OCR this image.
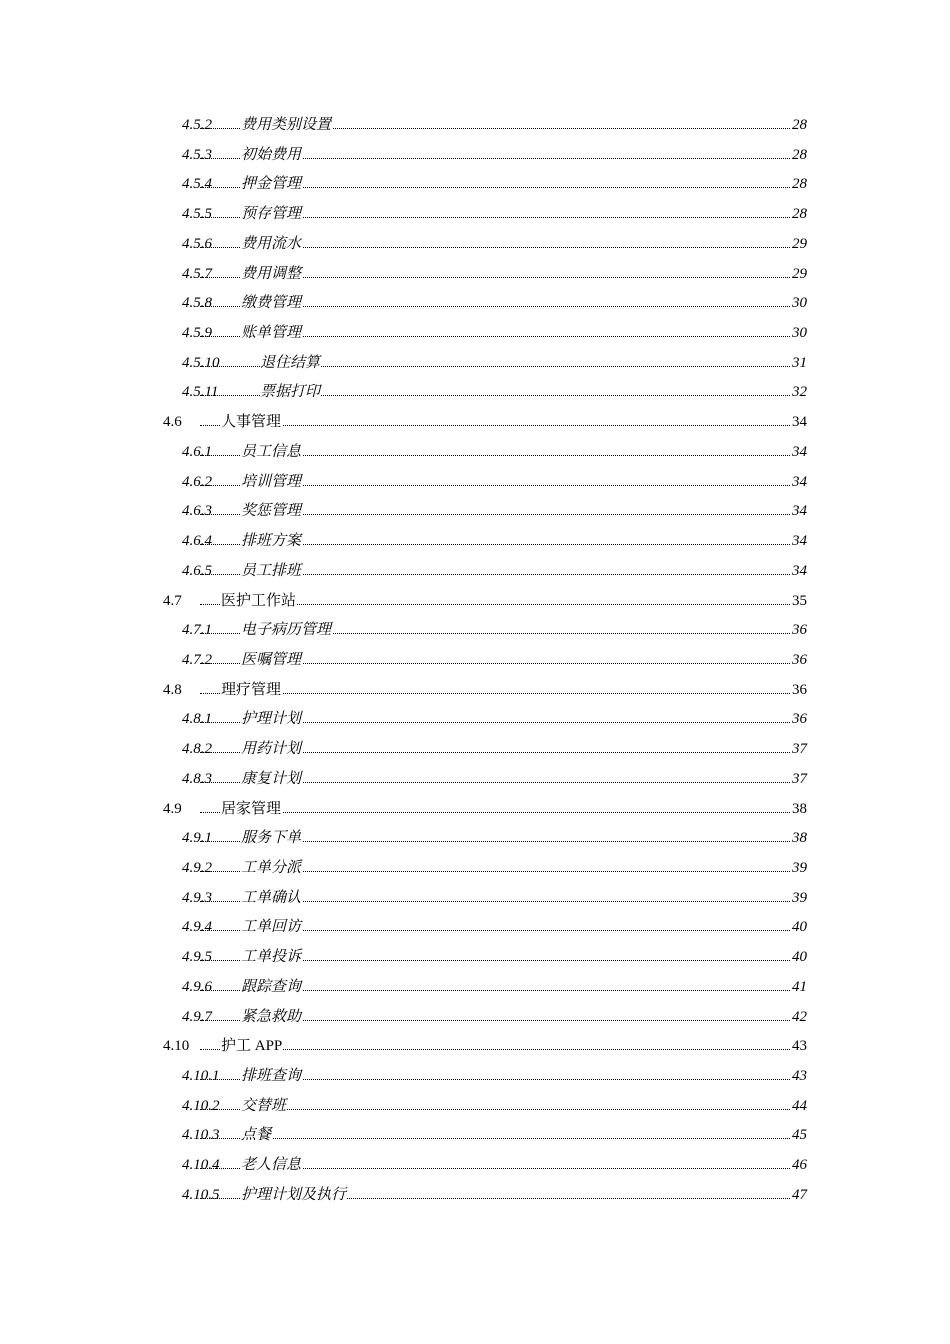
4.5.2 费用类别设置	28
4.5.3 初始费用	28
4.5.4 押金管理	28
4.5.5 预存管理	28
4.5.6 费用流水	29
4.5.7 费用调整	29
4.5.8 缴费管理	30
4.5.9 账单管理	30
4.5.10	退住结算	31
4.5.11	票据打印	32
4.6	人事管理	34
4.6.1 员工信息	34
4.6.2 培训管理	34
4.6.3 奖惩管理	34
4.6.4 排班方案	34
4.6.5 员工排班	34
4.7	医护工作站	35
4.7.1 电子病历管理	36
4.7.2 医嘱管理	36
4.8	理疗管理	36
4.8.1 护理计划	36
4.8.2 用药计划	37
4.8.3 康复计划	37
4.9	居家管理	38
4.9.1 服务下单	38
4.9.2 工单分派	39
4.9.3 工单确认	39
4.9.4 工单回访	40
4.9.5 工单投诉	40
4.9.6 跟踪查询	41
4.9.7 紧急救助	42
4.10 护工 APP	43
4.10.1 排班查询	43
4.10.2 交替班	44
4.10.3 点餐	45
4.10.4 老人信息	46
4.10.5 护理计划及执行	47
